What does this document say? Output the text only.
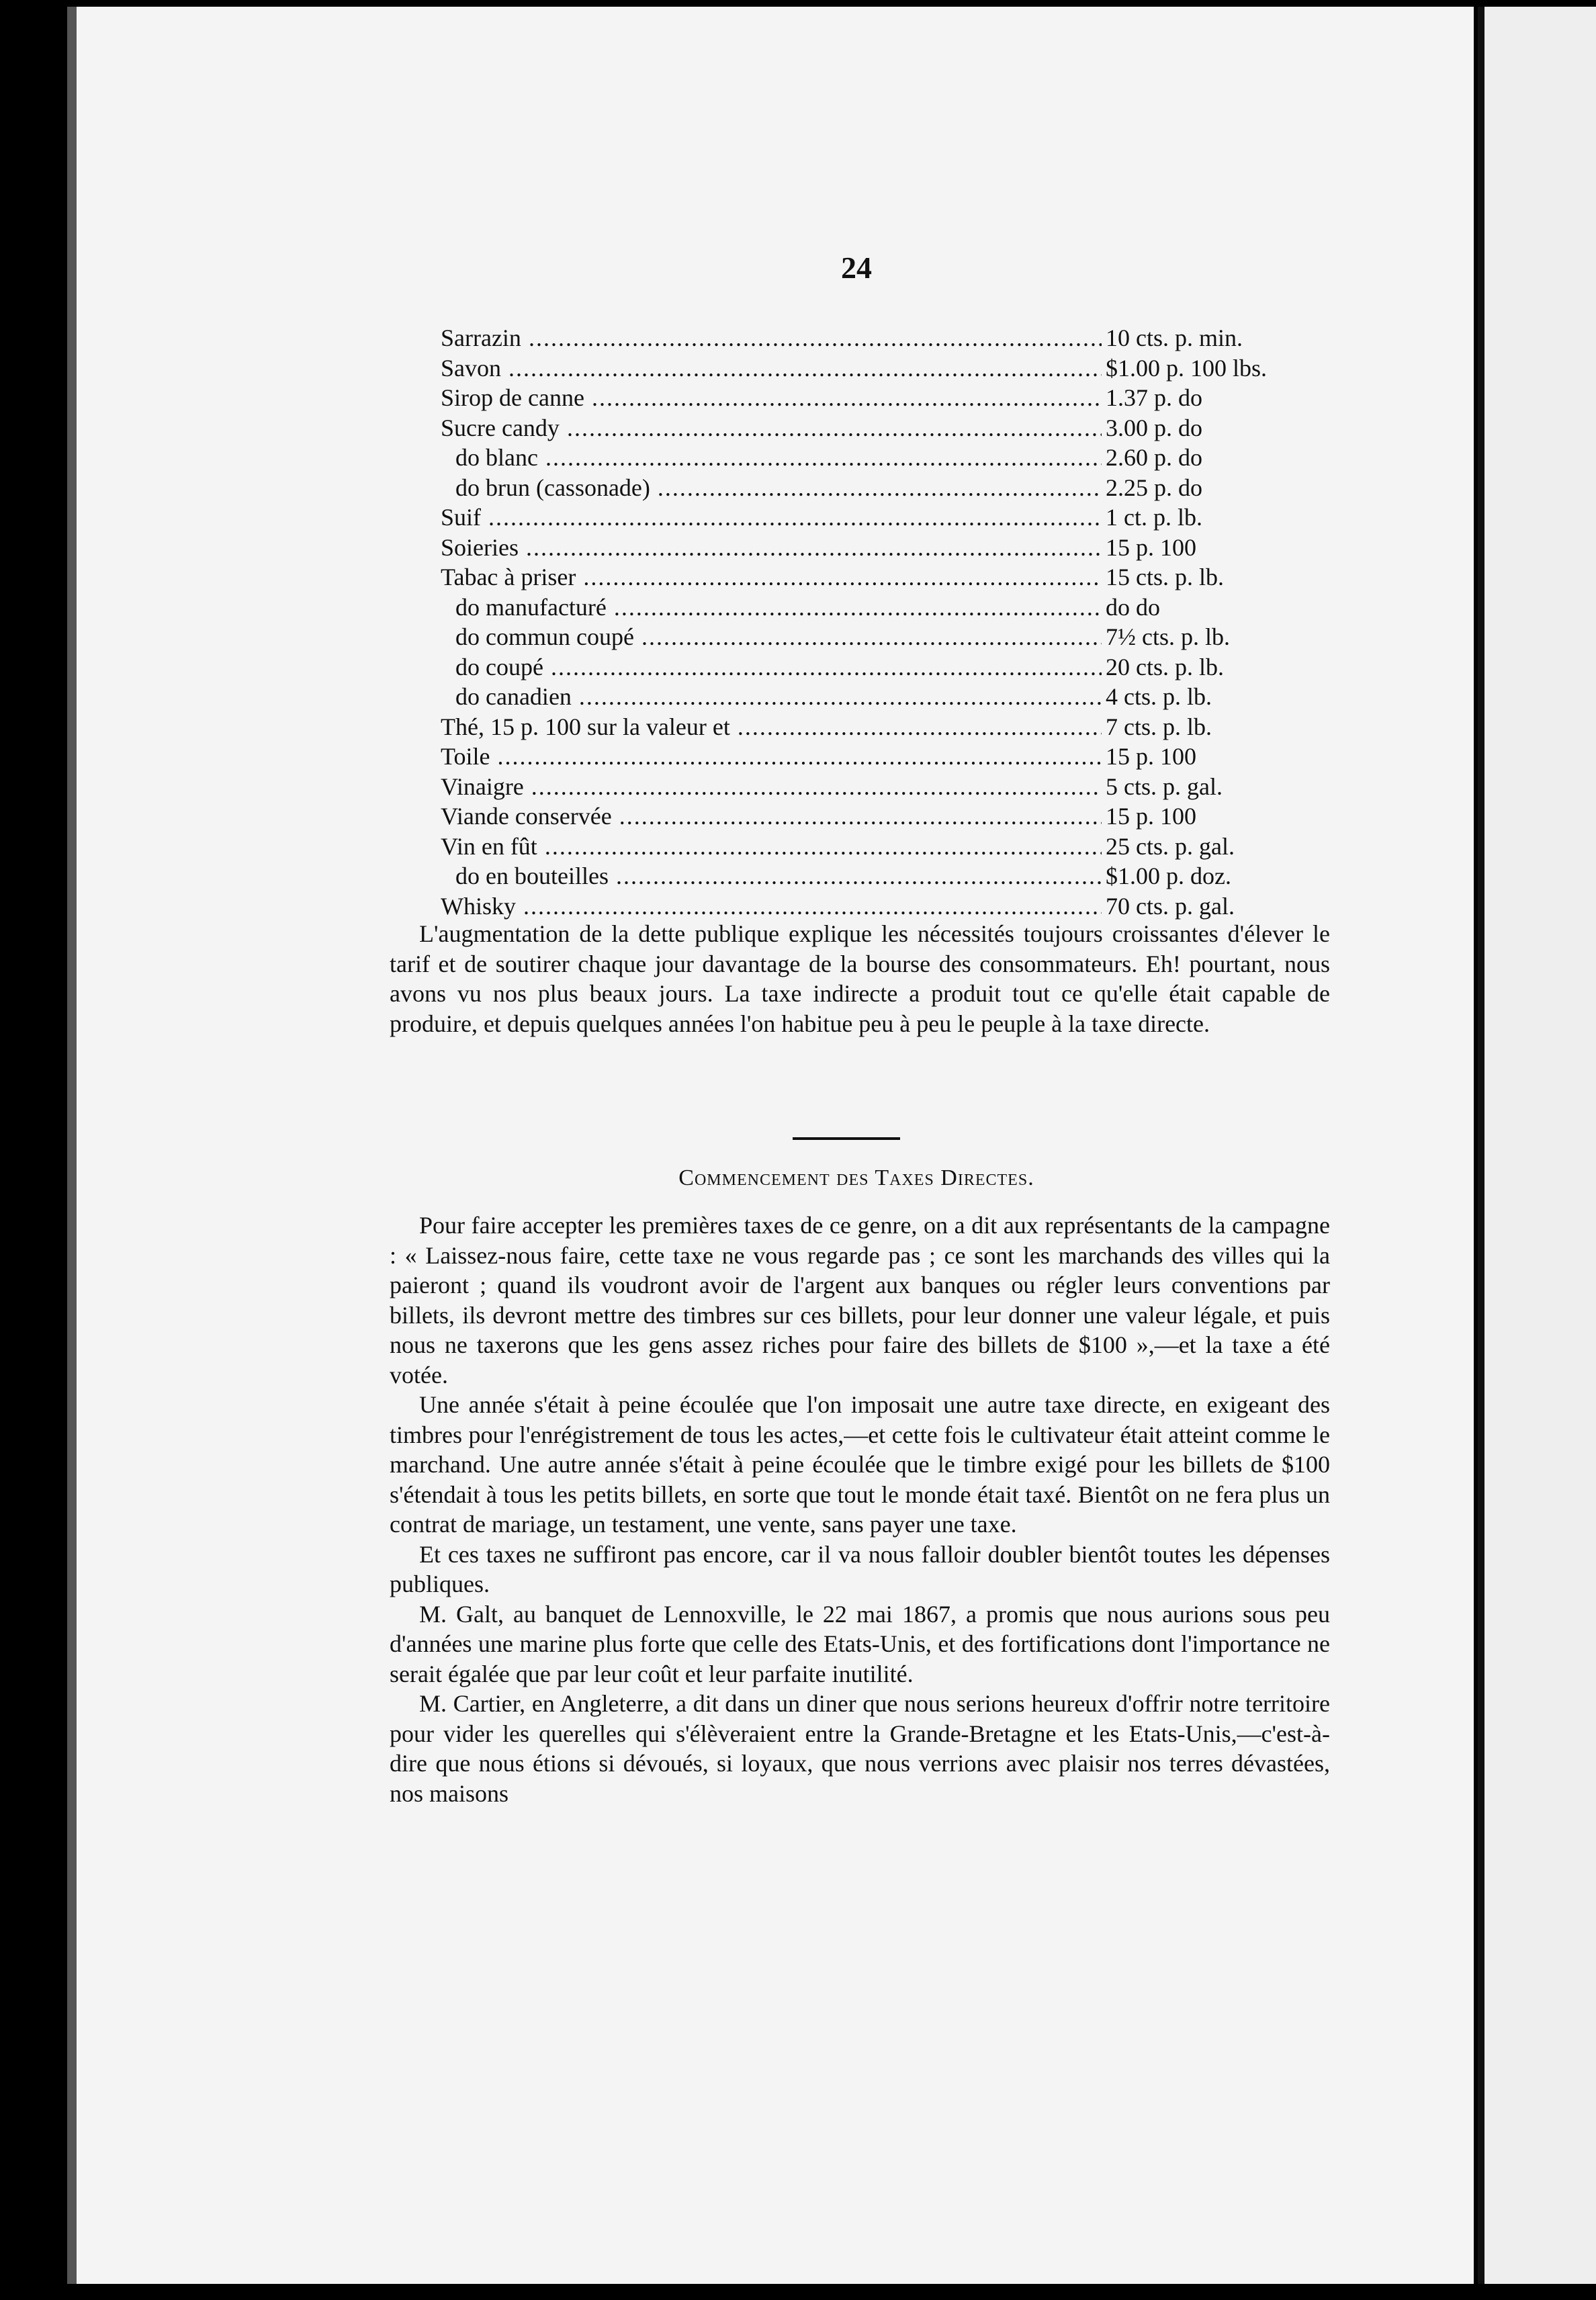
24
Sarrazin .....	10 cts. p. min.
Savon .....	$1.00 p. 100 lbs.
Sirop de canne .....	1.37 p. do
Sucre candy .....	3.00 p. do
do blanc .....	2.60 p. do
do brun (cassonade) .....	2.25 p. do
Suif .....	1 ct. p. lb.
Soieries .....	15 p. 100
Tabac à priser .....	15 cts. p. lb.
do manufacturé .....	do do
do commun coupé .....	7½ cts. p. lb.
do coupé .....	20 cts. p. lb.
do canadien .....	4 cts. p. lb.
Thé, 15 p. 100 sur la valeur et .....	7 cts. p. lb.
Toile .....	15 p. 100
Vinaigre .....	5 cts. p. gal.
Viande conservée .....	15 p. 100
Vin en fût .....	25 cts. p. gal.
do en bouteilles .....	$1.00 p. doz.
Whisky .....	70 cts. p. gal.

L'augmentation de la dette publique explique les nécessités toujours croissantes d'élever le tarif et de soutirer chaque jour davantage de la bourse des consommateurs. Eh! pourtant, nous avons vu nos plus beaux jours. La taxe indirecte a produit tout ce qu'elle était capable de produire, et depuis quelques années l'on habitue peu à peu le peuple à la taxe directe.

Commencement des Taxes Directes.

Pour faire accepter les premières taxes de ce genre, on a dit aux représentants de la campagne : « Laissez-nous faire, cette taxe ne vous regarde pas ; ce sont les marchands des villes qui la paieront ; quand ils voudront avoir de l'argent aux banques ou régler leurs conventions par billets, ils devront mettre des timbres sur ces billets, pour leur donner une valeur légale, et puis nous ne taxerons que les gens assez riches pour faire des billets de $100 »,—et la taxe a été votée.

Une année s'était à peine écoulée que l'on imposait une autre taxe directe, en exigeant des timbres pour l'enrégistrement de tous les actes,—et cette fois le cultivateur était atteint comme le marchand. Une autre année s'était à peine écoulée que le timbre exigé pour les billets de $100 s'étendait à tous les petits billets, en sorte que tout le monde était taxé. Bientôt on ne fera plus un contrat de mariage, un testament, une vente, sans payer une taxe.

Et ces taxes ne suffiront pas encore, car il va nous falloir doubler bientôt toutes les dépenses publiques.

M. Galt, au banquet de Lennoxville, le 22 mai 1867, a promis que nous aurions sous peu d'années une marine plus forte que celle des Etats-Unis, et des fortifications dont l'importance ne serait égalée que par leur coût et leur parfaite inutilité.

M. Cartier, en Angleterre, a dit dans un diner que nous serions heureux d'offrir notre territoire pour vider les querelles qui s'élèveraient entre la Grande-Bretagne et les Etats-Unis,—c'est-à-dire que nous étions si dévoués, si loyaux, que nous verrions avec plaisir nos terres dévastées, nos maisons
